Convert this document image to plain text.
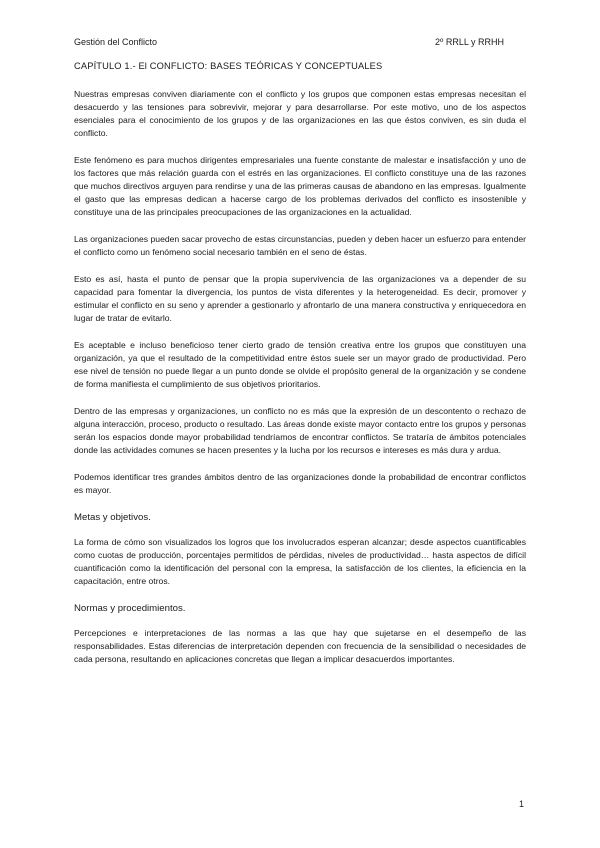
Gestión del Conflicto	2º RRLL y RRHH
CAPÍTULO 1.- El CONFLICTO: BASES TEÓRICAS Y CONCEPTUALES

Nuestras empresas conviven diariamente con el conflicto y los grupos que componen estas empresas necesitan el desacuerdo y las tensiones para sobrevivir, mejorar y para desarrollarse. Por este motivo, uno de los aspectos esenciales para el conocimiento de los grupos y de las organizaciones en las que éstos conviven, es sin duda el conflicto.

Este fenómeno es para muchos dirigentes empresariales una fuente constante de malestar e insatisfacción y uno de los factores que más relación guarda con el estrés en las organizaciones. El conflicto constituye una de las razones que muchos directivos arguyen para rendirse y una de las primeras causas de abandono en las empresas. Igualmente el gasto que las empresas dedican a hacerse cargo de los problemas derivados del conflicto es insostenible y constituye una de las principales preocupaciones de las organizaciones en la actualidad.

Las organizaciones pueden sacar provecho de estas circunstancias, pueden y deben hacer un esfuerzo para entender el conflicto como un fenómeno social necesario también en el seno de éstas.

Esto es así, hasta el punto de pensar que la propia supervivencia de las organizaciones va a depender de su capacidad para fomentar la divergencia, los puntos de vista diferentes y la heterogeneidad. Es decir, promover y estimular el conflicto en su seno y aprender a gestionarlo y afrontarlo de una manera constructiva y enriquecedora en lugar de tratar de evitarlo.

Es aceptable e incluso beneficioso tener cierto grado de tensión creativa entre los grupos que constituyen una organización, ya que el resultado de la competitividad entre éstos suele ser un mayor grado de productividad. Pero ese nivel de tensión no puede llegar a un punto donde se olvide el propósito general de la organización y se condene de forma manifiesta el cumplimiento de sus objetivos prioritarios.

Dentro de las empresas y organizaciones, un conflicto no es más que la expresión de un descontento o rechazo de alguna interacción, proceso, producto o resultado. Las áreas donde existe mayor contacto entre los grupos y personas serán los espacios donde mayor probabilidad tendríamos de encontrar conflictos. Se trataría de ámbitos potenciales donde las actividades comunes se hacen presentes y la lucha por los recursos e intereses es más dura y ardua.

Podemos identificar tres grandes ámbitos dentro de las organizaciones donde la probabilidad de encontrar conflictos es mayor.

Metas y objetivos.

La forma de cómo son visualizados los logros que los involucrados esperan alcanzar; desde aspectos cuantificables como cuotas de producción, porcentajes permitidos de pérdidas, niveles de productividad… hasta aspectos de difícil cuantificación como la identificación del personal con la empresa, la satisfacción de los clientes, la eficiencia en la capacitación, entre otros.

Normas y procedimientos.

Percepciones e interpretaciones de las normas a las que hay que sujetarse en el desempeño de las responsabilidades. Estas diferencias de interpretación dependen con frecuencia de la sensibilidad o necesidades de cada persona, resultando en aplicaciones concretas que llegan a implicar desacuerdos importantes.

1
